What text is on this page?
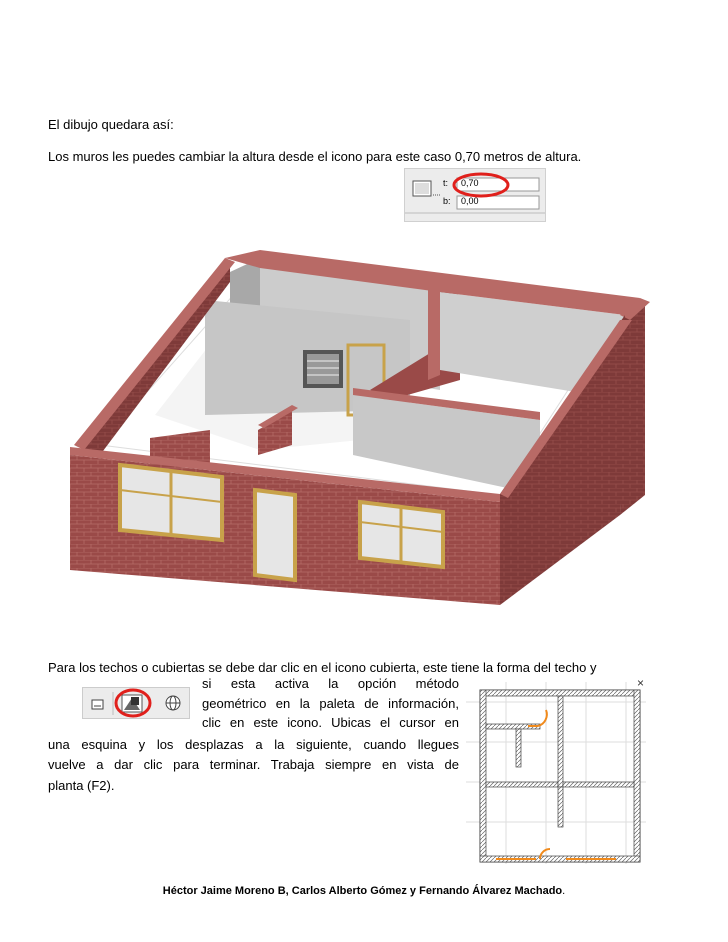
El dibujo quedara así:

Los muros les puedes cambiar la altura desde el icono para este caso 0,70 metros de altura.

t: 0,70
b: 0,00

Para los techos o cubiertas se debe dar clic en el icono cubierta, este tiene la forma del techo y

si esta activa la opción método

geométrico en la paleta de información,

clic en este icono. Ubicas el cursor en

una esquina y los desplazas a la siguiente, cuando llegues

vuelve a dar clic para terminar. Trabaja siempre en vista de

planta (F2).

×
Héctor Jaime Moreno B, Carlos Alberto Gómez y Fernando Álvarez Machado.
